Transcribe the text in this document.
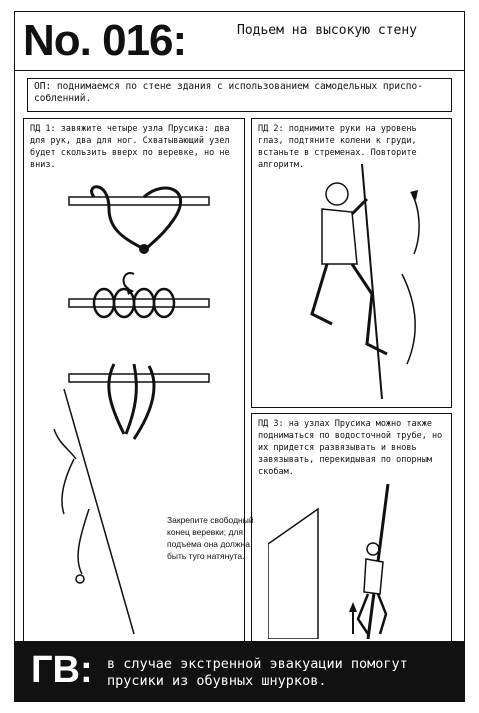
No. 016:	Подьем на высокую стену
ОП: поднимаемся по стене здания с использованием самодельных приспо-собленний.
ПД 1: завяжите четыре узла Прусика: два для рук, два для ног. Схватывающий узел будет скользить вверх по веревке, но не вниз.
Закрепите свободный конец веревки; для подъема она должна быть туго натянута.
ПД 2: поднимите руки на уровень глаз, подтяните колени к груди, встаньте в стременах. Повторите алгоритм.
ПД 3: на узлах Прусика можно также подниматься по водосточной трубе, но их придется развязывать и вновь завязывать, перекидывая по опорным скобам.
ГВ: в случае экстренной эвакуации помогут прусики из обувных шнурков.
